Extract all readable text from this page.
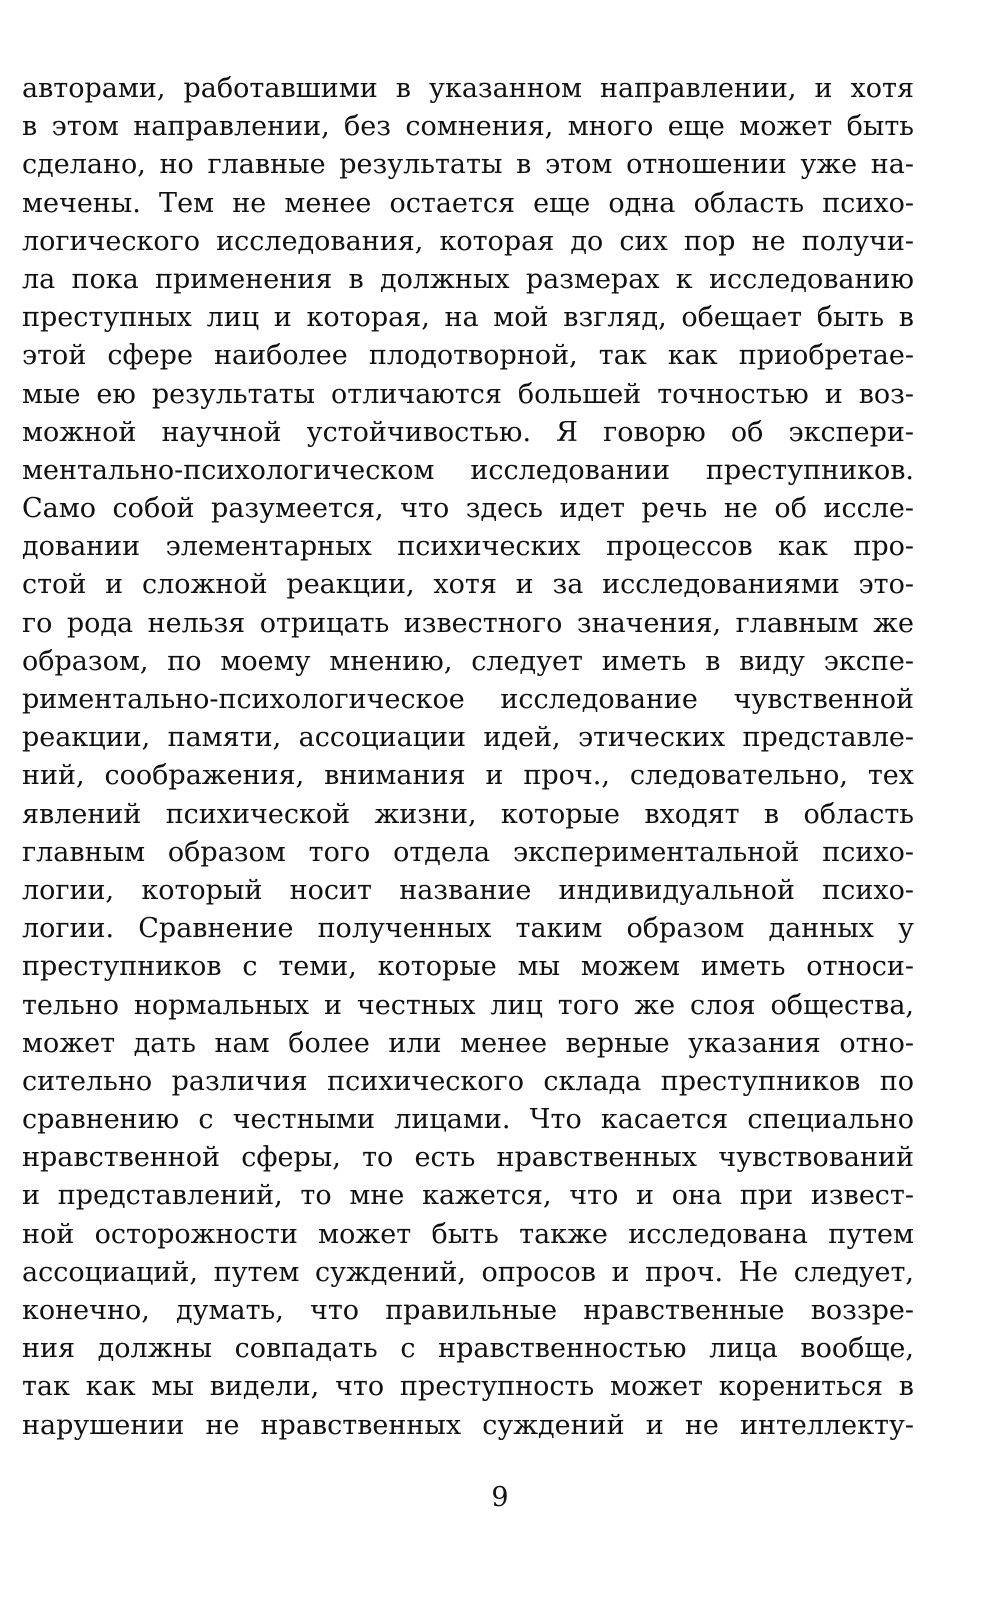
авторами, работавшими в указанном направлении, и хотя
в этом направлении, без сомнения, много еще может быть
сделано, но главные результаты в этом отношении уже на-
мечены. Тем не менее остается еще одна область психо-
логического исследования, которая до сих пор не получи-
ла пока применения в должных размерах к исследованию
преступных лиц и которая, на мой взгляд, обещает быть в
этой сфере наиболее плодотворной, так как приобретае-
мые ею результаты отличаются большей точностью и воз-
можной научной устойчивостью. Я говорю об экспери-
ментально-психологическом исследовании преступников.
Само собой разумеется, что здесь идет речь не об иссле-
довании элементарных психических процессов как про-
стой и сложной реакции, хотя и за исследованиями это-
го рода нельзя отрицать известного значения, главным же
образом, по моему мнению, следует иметь в виду экспе-
риментально-психологическое исследование чувственной
реакции, памяти, ассоциации идей, этических представле-
ний, соображения, внимания и проч., следовательно, тех
явлений психической жизни, которые входят в область
главным образом того отдела экспериментальной психо-
логии, который носит название индивидуальной психо-
логии. Сравнение полученных таким образом данных у
преступников с теми, которые мы можем иметь относи-
тельно нормальных и честных лиц того же слоя общества,
может дать нам более или менее верные указания отно-
сительно различия психического склада преступников по
сравнению с честными лицами. Что касается специально
нравственной сферы, то есть нравственных чувствований
и представлений, то мне кажется, что и она при извест-
ной осторожности может быть также исследована путем
ассоциаций, путем суждений, опросов и проч. Не следует,
конечно, думать, что правильные нравственные воззре-
ния должны совпадать с нравственностью лица вообще,
так как мы видели, что преступность может корениться в
нарушении не нравственных суждений и не интеллекту-
9
